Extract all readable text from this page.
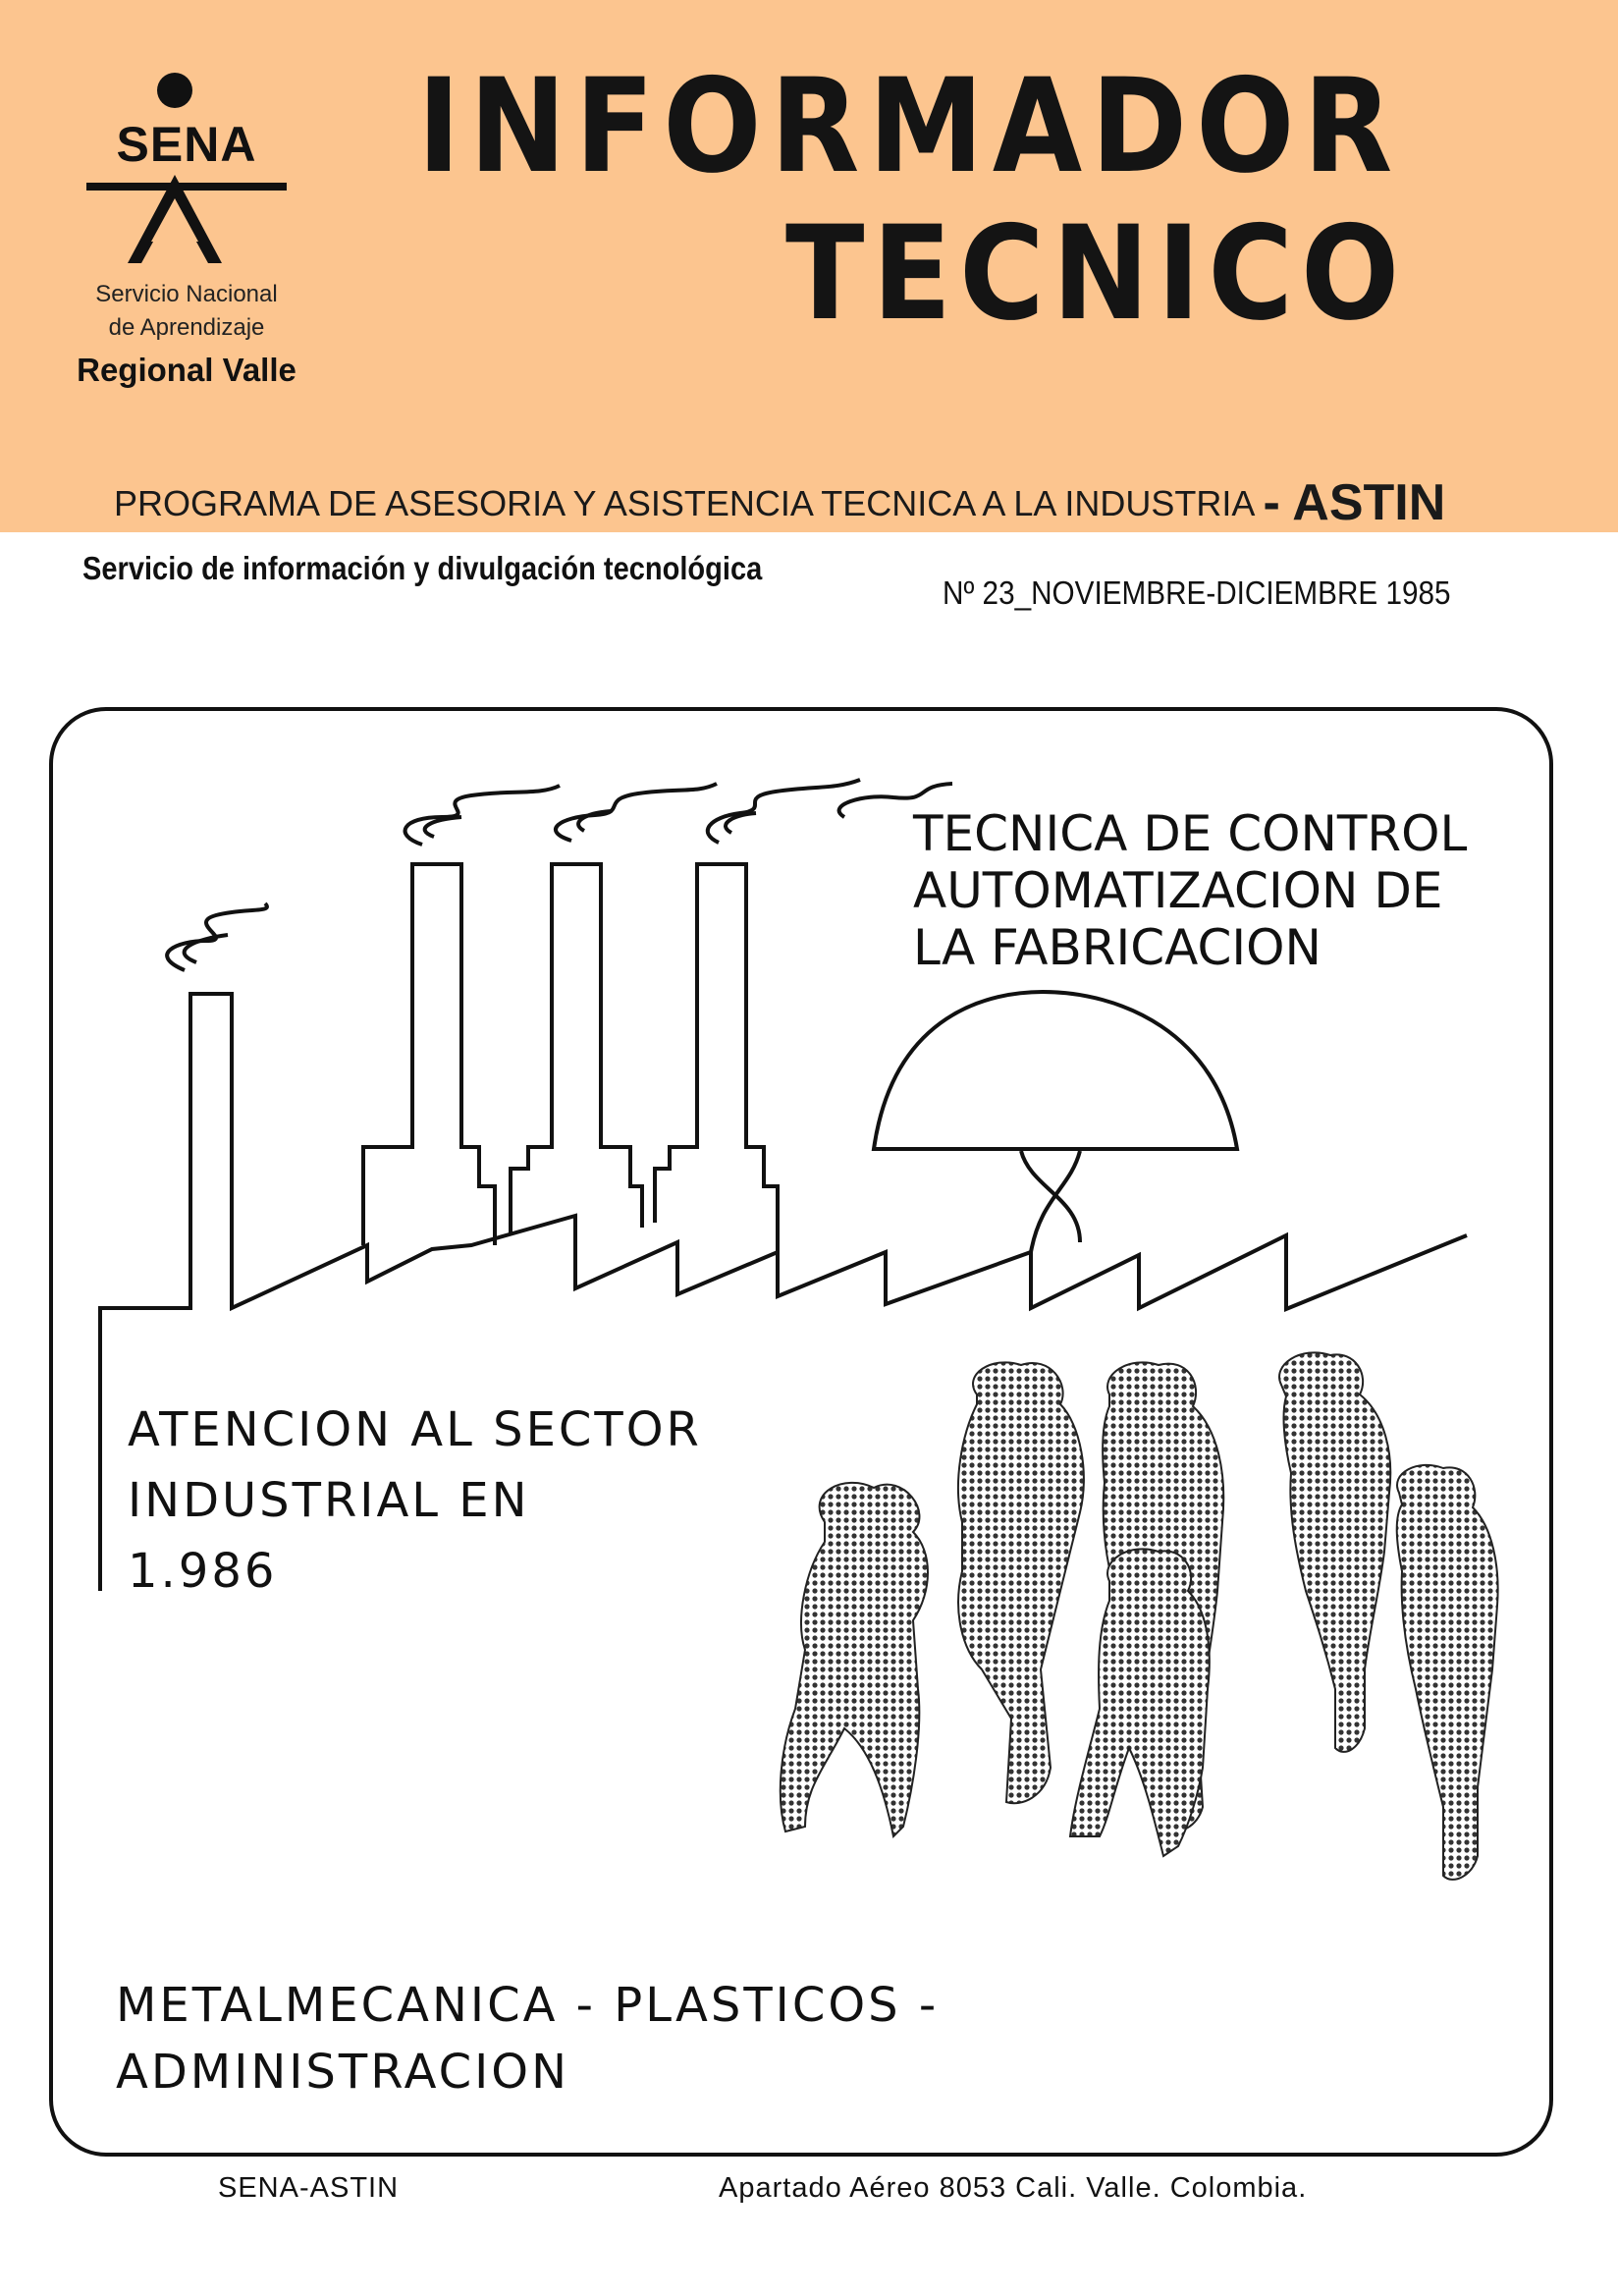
SENA
Servicio Nacional
de Aprendizaje
Regional Valle
INFORMADOR
TECNICO
PROGRAMA DE ASESORIA Y ASISTENCIA TECNICA A LA INDUSTRIA - ASTIN
Servicio de información y divulgación tecnológica
Nº 23_NOVIEMBRE-DICIEMBRE 1985
TECNICA DE CONTROL
AUTOMATIZACION DE
LA FABRICACION
ATENCION AL SECTOR
INDUSTRIAL EN
1.986
METALMECANICA - PLASTICOS -
ADMINISTRACION
SENA-ASTIN	Apartado Aéreo 8053 Cali. Valle. Colombia.
